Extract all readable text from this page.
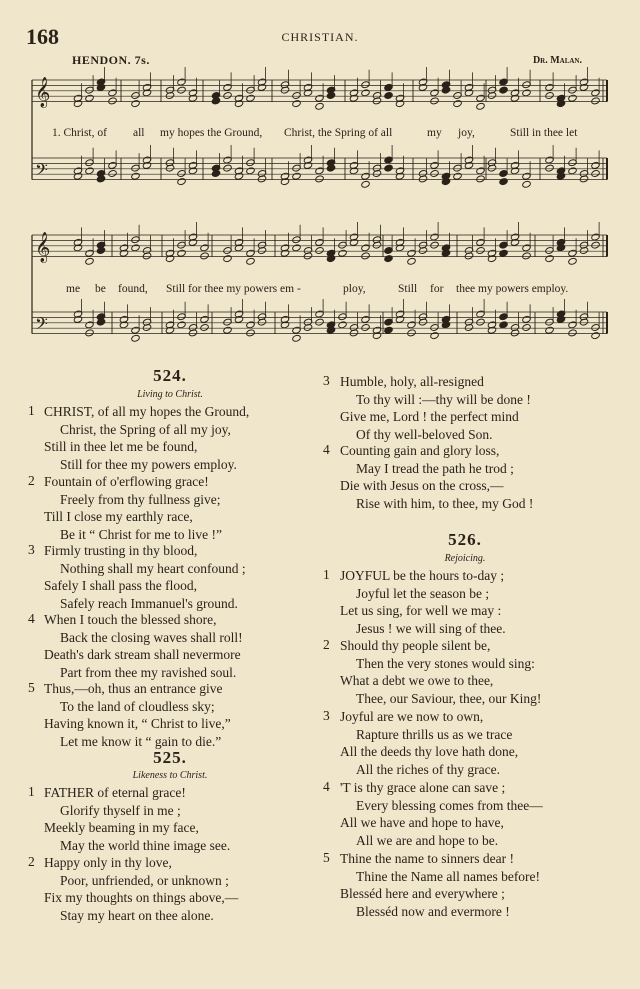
168	CHRISTIAN.
HENDON. 7s.	Dr. Malan.
𝄞
𝄢
𝄞
𝄢
1. Christ, of all my hopes the Ground, Christ, the Spring of all	my joy,	Still in thee let
me be found, Still for thee my powers em -	ploy,	Still for thee my powers employ.
524.
Living to Christ.
1 CHRIST, of all my hopes the Ground,
Christ, the Spring of all my joy,
Still in thee let me be found,
Still for thee my powers employ.
2 Fountain of o'erflowing grace!
Freely from thy fullness give;
Till I close my earthly race,
Be it “ Christ for me to live !”
3 Firmly trusting in thy blood,
Nothing shall my heart confound ;
Safely I shall pass the flood,
Safely reach Immanuel's ground.
4 When I touch the blessed shore,
Back the closing waves shall roll!
Death's dark stream shall nevermore
Part from thee my ravished soul.
5 Thus,—oh, thus an entrance give
To the land of cloudless sky;
Having known it, “ Christ to live,”
Let me know it “ gain to die.”
525.
Likeness to Christ.
1 FATHER of eternal grace!
Glorify thyself in me ;
Meekly beaming in my face,
May the world thine image see.
2 Happy only in thy love,
Poor, unfriended, or unknown ;
Fix my thoughts on things above,—
Stay my heart on thee alone.
3 Humble, holy, all-resigned
To thy will :—thy will be done !
Give me, Lord ! the perfect mind
Of thy well-beloved Son.
4 Counting gain and glory loss,
May I tread the path he trod ;
Die with Jesus on the cross,—
Rise with him, to thee, my God !
526.
Rejoicing.
1 JOYFUL be the hours to-day ;
Joyful let the season be ;
Let us sing, for well we may :
Jesus ! we will sing of thee.
2 Should thy people silent be,
Then the very stones would sing:
What a debt we owe to thee,
Thee, our Saviour, thee, our King!
3 Joyful are we now to own,
Rapture thrills us as we trace
All the deeds thy love hath done,
All the riches of thy grace.
4 'T is thy grace alone can save ;
Every blessing comes from thee—
All we have and hope to have,
All we are and hope to be.
5 Thine the name to sinners dear !
Thine the Name all names before!
Blesséd here and everywhere ;
Blesséd now and evermore !
